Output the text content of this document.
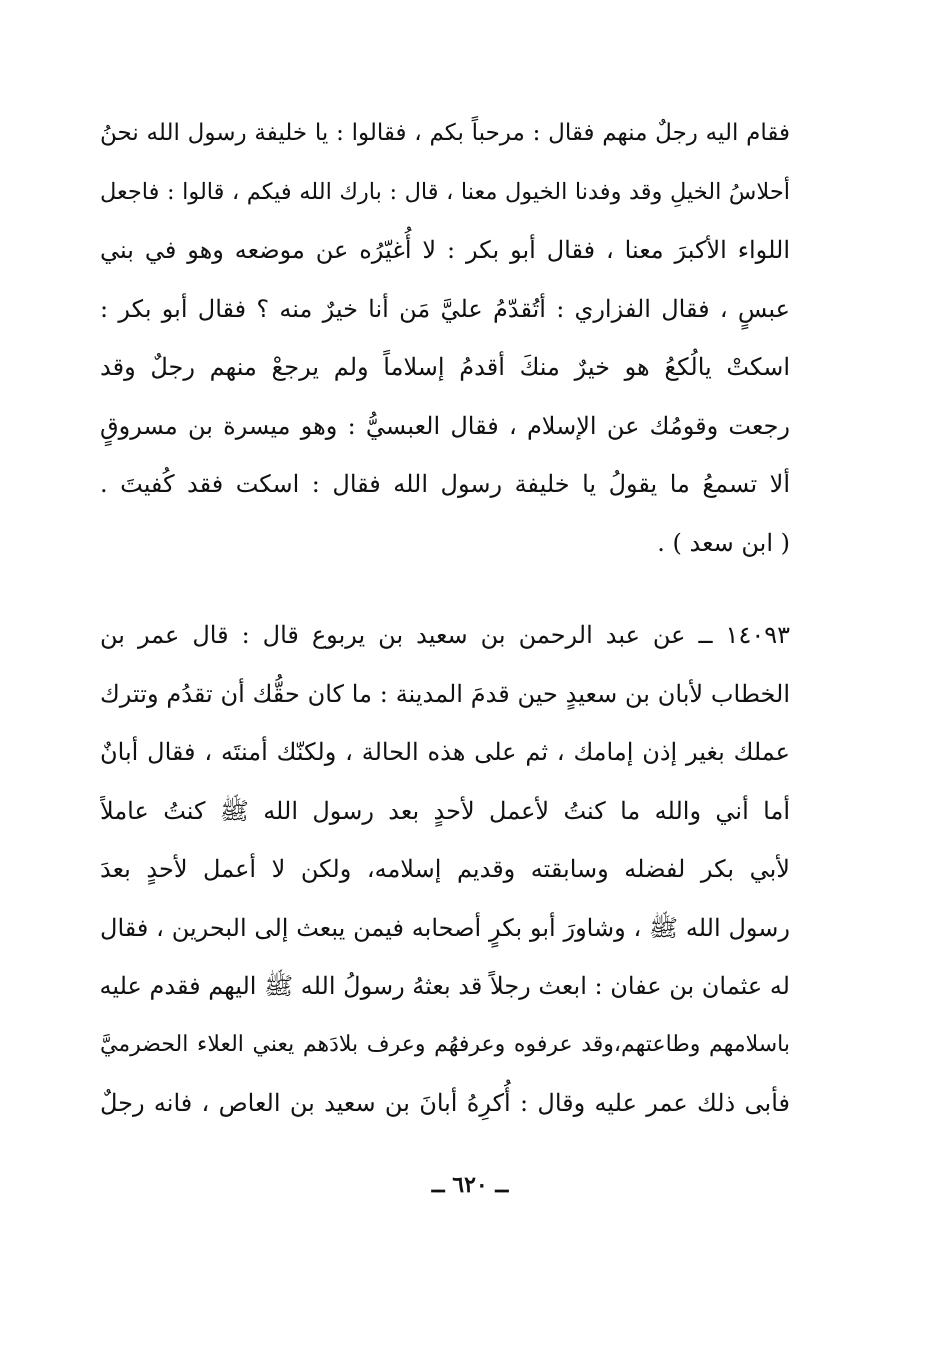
فقام اليه رجلٌ منهم فقال : مرحباً بكم ، فقالوا : يا خليفة رسول الله نحنُ
أحلاسُ الخيلِ وقد وفدنا الخيول معنا ، قال : بارك الله فيكم ، قالوا : فاجعل
اللواء الأكبرَ معنا ، فقال أبو بكر : لا أُغيّرُه عن موضعه وهو في بني
عبسٍ ، فقال الفزاري : أتُقدّمُ عليَّ مَن أنا خيرٌ منه ؟ فقال أبو بكر :
اسكتْ يالُكعُ هو خيرٌ منكَ أقدمُ إسلاماً ولم يرجعْ منهم رجلٌ وقد
رجعت وقومُك عن الإسلام ، فقال العبسيُّ : وهو ميسرة بن مسروقٍ
ألا تسمعُ ما يقولُ يا خليفة رسول الله فقال : اسكت فقد كُفيتَ .
( ابن سعد ) .
١٤٠٩٣ ــ عن عبد الرحمن بن سعيد بن يربوع قال : قال عمر بن
الخطاب لأبان بن سعيدٍ حين قدمَ المدينة : ما كان حقُّك أن تقدُم وتترك
عملك بغير إذن إمامك ، ثم على هذه الحالة ، ولكنّك أمنتَه ، فقال أبانٌ
أما أني والله ما كنتُ لأعمل لأحدٍ بعد رسول الله ﷺ كنتُ عاملاً
لأبي بكر لفضله وسابقته وقديم إسلامه، ولكن لا أعمل لأحدٍ بعدَ
رسول الله ﷺ ، وشاورَ أبو بكرٍ أصحابه فيمن يبعث إلى البحرين ، فقال
له عثمان بن عفان : ابعث رجلاً قد بعثهُ رسولُ الله ﷺ اليهم فقدم عليه
باسلامهم وطاعتهم،وقد عرفوه وعرفهُم وعرف بلادَهم يعني العلاء الحضرميَّ
فأبى ذلك عمر عليه وقال : أُكرِهُ أبانَ بن سعيد بن العاص ، فانه رجلٌ
ــ ٦٢٠ ــ
